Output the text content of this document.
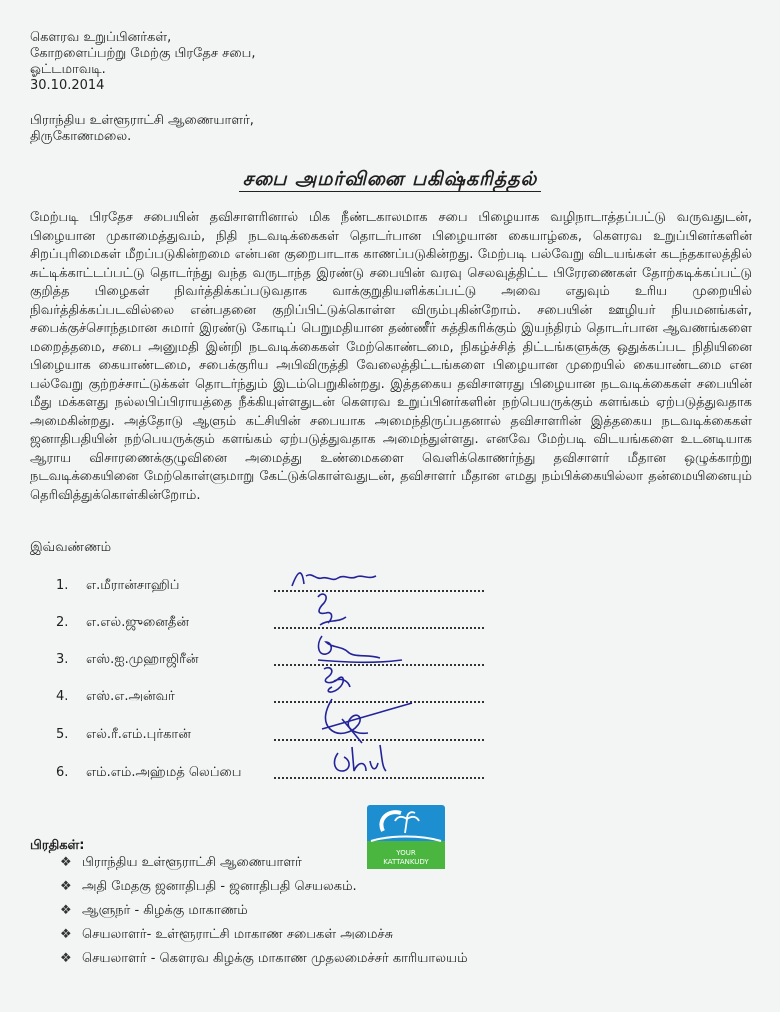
கௌரவ உறுப்பினர்கள்,
கோறளைப்பற்று மேற்கு பிரதேச சபை,
ஓட்டமாவடி.
30.10.2014
பிராந்திய உள்ளூராட்சி ஆணையாளர்,
திருகோணமலை.
சபை அமர்வினை பகிஷ்கரித்தல்
மேற்படி பிரதேச சபையின் தவிசாளரினால் மிக நீண்டகாலமாக சபை பிழையாக வழிநாடாத்தப்பட்டு வருவதுடன், பிழையான முகாமைத்துவம், நிதி நடவடிக்கைகள் தொடர்பான பிழையான கையாழ்கை, கௌரவ உறுப்பினர்களின் சிறப்புரிமைகள் மீறப்படுகின்றமை என்பன குறைபாடாக காணப்படுகின்றது. மேற்படி பல்வேறு விடயங்கள் கடந்தகாலத்தில் சுட்டிக்காட்டப்பட்டு தொடர்ந்து வந்த வருடாந்த இரண்டு சபையின் வரவு செலவுத்திட்ட பிரேரணைகள் தோற்கடிக்கப்பட்டு குறித்த பிழைகள் நிவர்த்திக்கப்படுவதாக வாக்குறுதியளிக்கப்பட்டு அவை எதுவும் உரிய முறையில் நிவர்த்திக்கப்படவில்லை என்பதனை குறிப்பிட்டுக்கொள்ள விரும்புகின்றோம். சபையின் ஊழியர் நியமனங்கள், சபைக்குச்சொந்தமான சுமார் இரண்டு கோடிப் பெறுமதியான தண்ணீர் சுத்திகரிக்கும் இயந்திரம் தொடர்பான ஆவணங்களை மறைத்தமை, சபை அனுமதி இன்றி நடவடிக்கைகள் மேற்கொண்டமை, நிகழ்ச்சித் திட்டங்களுக்கு ஒதுக்கப்பட நிதியினை பிழையாக கையாண்டமை, சபைக்குரிய அபிவிருத்தி வேலைத்திட்டங்களை பிழையான முறையில் கையாண்டமை என பல்வேறு குற்றச்சாட்டுக்கள் தொடர்ந்தும் இடம்பெறுகின்றது. இத்தகைய தவிசாளரது பிழையான நடவடிக்கைகள் சபையின் மீது மக்களது நல்லபிப்பிராயத்தை நீக்கியுள்ளதுடன் கௌரவ உறுப்பினர்களின் நற்பெயருக்கும் களங்கம் ஏற்படுத்துவதாக அமைகின்றது. அத்தோடு ஆளும் கட்சியின் சபையாக அமைந்திருப்பதனால் தவிசாளரின் இத்தகைய நடவடிக்கைகள் ஜனாதிபதியின் நற்பெயருக்கும் களங்கம் ஏற்படுத்துவதாக அமைந்துள்ளது. எனவே மேற்படி விடயங்களை உடனடியாக ஆராய விசாரணைக்குழுவினை அமைத்து உண்மைகளை வெளிக்கொணர்ந்து தவிசாளர் மீதான ஒழுக்காற்று நடவடிக்கையினை மேற்கொள்ளுமாறு கேட்டுக்கொள்வதுடன், தவிசாளர் மீதான எமது நம்பிக்கையில்லா தன்மையினையும் தெரிவித்துக்கொள்கின்றோம்.
இவ்வண்ணம்
1.	எ.மீரான்சாஹிப்
2.	எ.எல்.ஜுனைதீன்
3.	எஸ்.ஐ.முஹாஜிரீன்
4.	எஸ்.எ.அன்வர்
5.	எல்.ரீ.எம்.புர்கான்
6.	எம்.எம்.அஹ்மத் லெப்பை
YOUR
KATTANKUDY
பிரதிகள்:
❖ பிராந்திய உள்ளூராட்சி ஆணையாளர்
❖ அதி மேதகு ஜனாதிபதி - ஜனாதிபதி செயலகம்.
❖ ஆளுநர் - கிழக்கு மாகாணம்
❖ செயலாளர்- உள்ளூராட்சி மாகாண சபைகள் அமைச்சு
❖ செயலாளர் - கௌரவ கிழக்கு மாகாண முதலமைச்சர் காரியாலயம்
